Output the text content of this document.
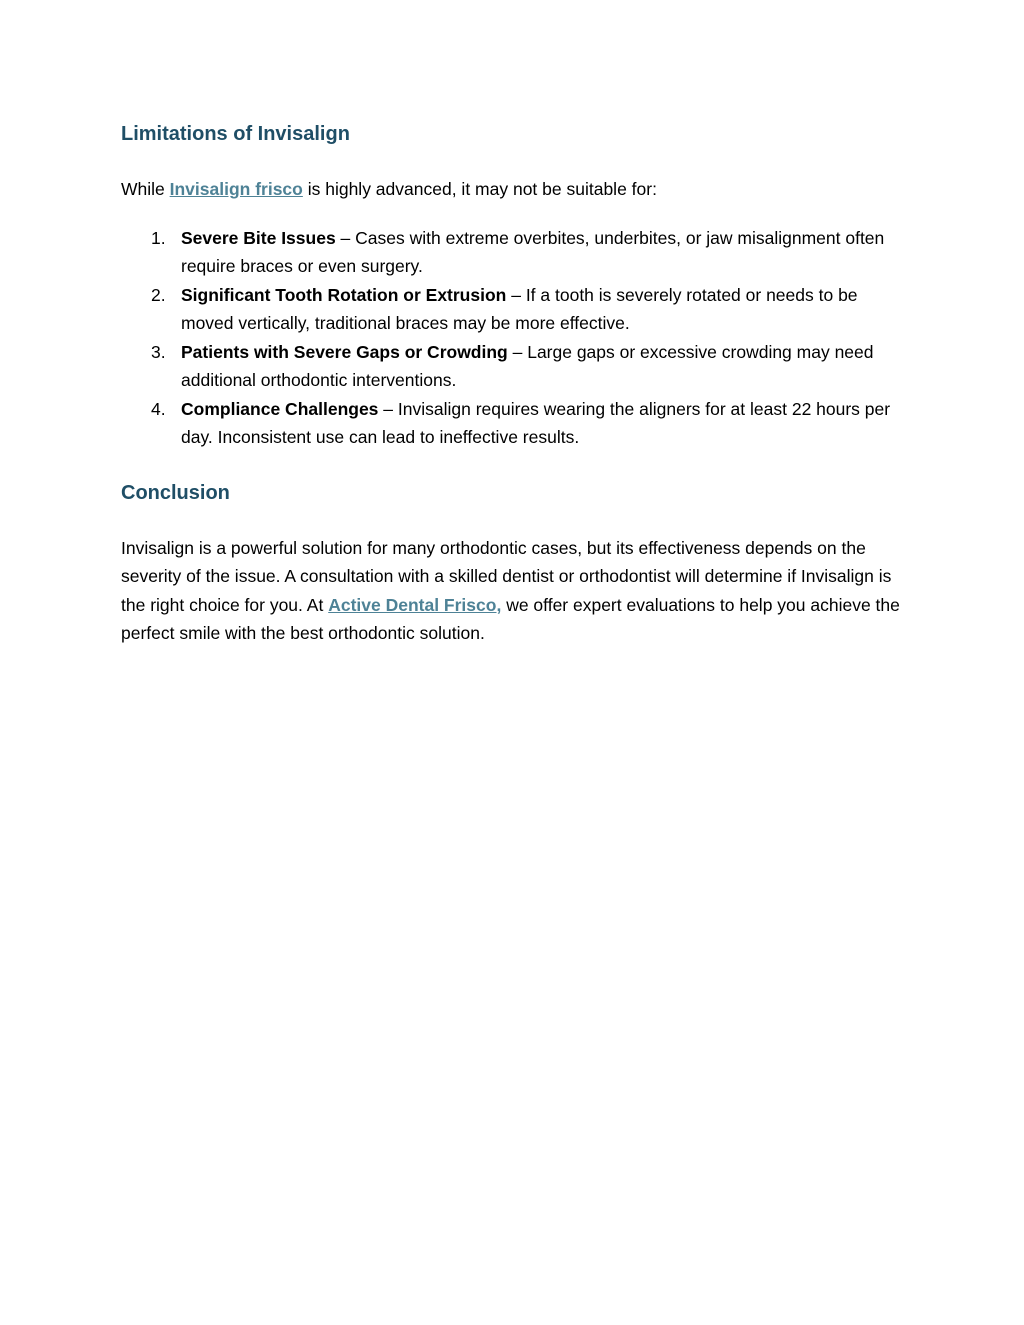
Limitations of Invisalign

While Invisalign frisco is highly advanced, it may not be suitable for:

1. Severe Bite Issues – Cases with extreme overbites, underbites, or jaw misalignment often require braces or even surgery.
2. Significant Tooth Rotation or Extrusion – If a tooth is severely rotated or needs to be moved vertically, traditional braces may be more effective.
3. Patients with Severe Gaps or Crowding – Large gaps or excessive crowding may need additional orthodontic interventions.
4. Compliance Challenges – Invisalign requires wearing the aligners for at least 22 hours per day. Inconsistent use can lead to ineffective results.
Conclusion

Invisalign is a powerful solution for many orthodontic cases, but its effectiveness depends on the severity of the issue. A consultation with a skilled dentist or orthodontist will determine if Invisalign is the right choice for you. At Active Dental Frisco, we offer expert evaluations to help you achieve the perfect smile with the best orthodontic solution.
